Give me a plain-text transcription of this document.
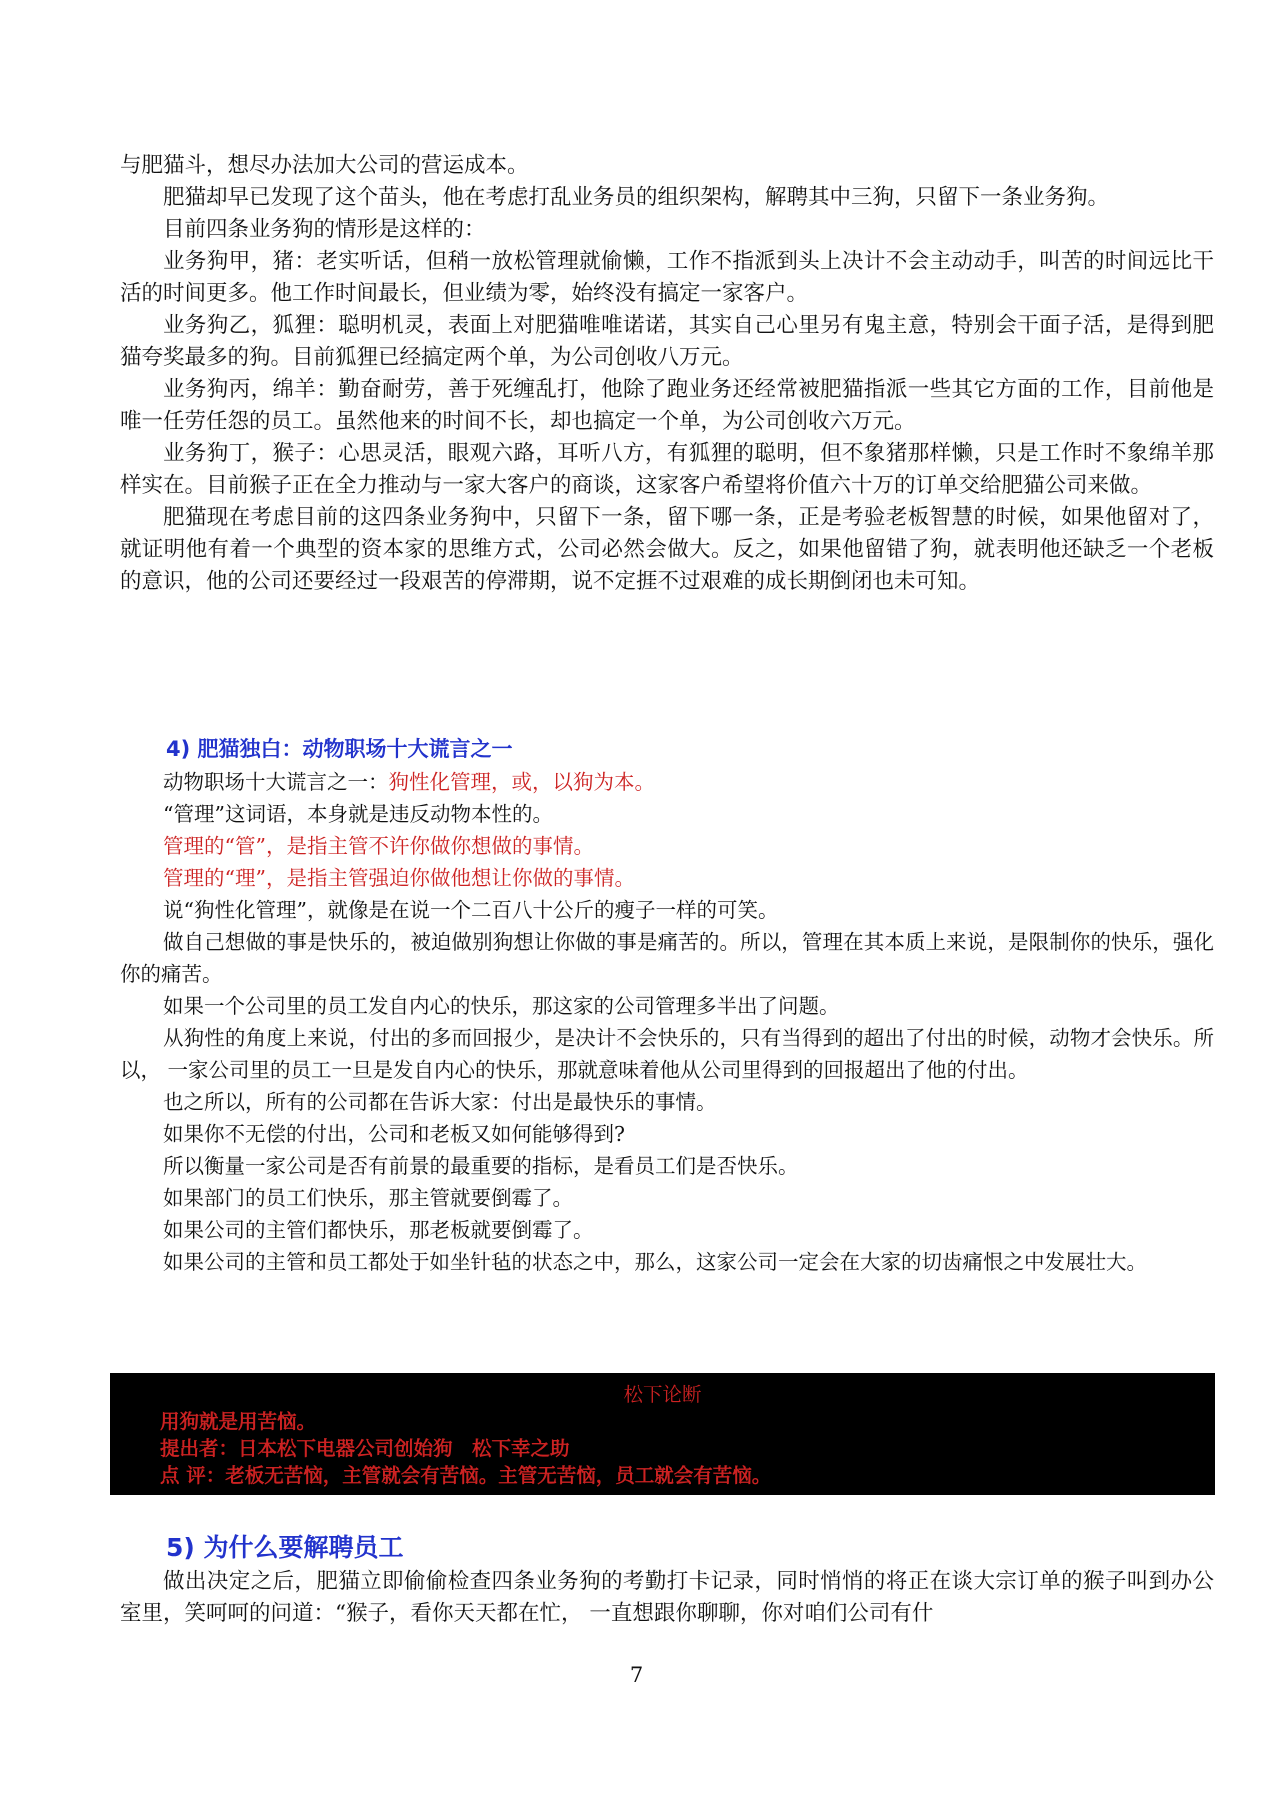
与肥猫斗，想尽办法加大公司的营运成本。

肥猫却早已发现了这个苗头，他在考虑打乱业务员的组织架构，解聘其中三狗，只留下一条业务狗。

目前四条业务狗的情形是这样的：

业务狗甲，猪：老实听话，但稍一放松管理就偷懒，工作不指派到头上决计不会主动动手，叫苦的时间远比干活的时间更多。他工作时间最长，但业绩为零，始终没有搞定一家客户。

业务狗乙，狐狸：聪明机灵，表面上对肥猫唯唯诺诺，其实自己心里另有鬼主意，特别会干面子活，是得到肥猫夸奖最多的狗。目前狐狸已经搞定两个单，为公司创收八万元。

业务狗丙，绵羊：勤奋耐劳，善于死缠乱打，他除了跑业务还经常被肥猫指派一些其它方面的工作，目前他是唯一任劳任怨的员工。虽然他来的时间不长，却也搞定一个单，为公司创收六万元。

业务狗丁，猴子：心思灵活，眼观六路，耳听八方，有狐狸的聪明，但不象猪那样懒，只是工作时不象绵羊那样实在。目前猴子正在全力推动与一家大客户的商谈，这家客户希望将价值六十万的订单交给肥猫公司来做。

肥猫现在考虑目前的这四条业务狗中，只留下一条，留下哪一条，正是考验老板智慧的时候，如果他留对了，就证明他有着一个典型的资本家的思维方式，公司必然会做大。反之，如果他留错了狗，就表明他还缺乏一个老板的意识，他的公司还要经过一段艰苦的停滞期，说不定捱不过艰难的成长期倒闭也未可知。

4) 肥猫独白：动物职场十大谎言之一

动物职场十大谎言之一：狗性化管理，或，以狗为本。

“管理”这词语，本身就是违反动物本性的。

管理的“管”，是指主管不许你做你想做的事情。

管理的“理”，是指主管强迫你做他想让你做的事情。

说“狗性化管理”，就像是在说一个二百八十公斤的瘦子一样的可笑。

做自己想做的事是快乐的，被迫做别狗想让你做的事是痛苦的。所以，管理在其本质上来说，是限制你的快乐，强化你的痛苦。

如果一个公司里的员工发自内心的快乐，那这家的公司管理多半出了问题。

从狗性的角度上来说，付出的多而回报少，是决计不会快乐的，只有当得到的超出了付出的时候，动物才会快乐。所以， 一家公司里的员工一旦是发自内心的快乐，那就意味着他从公司里得到的回报超出了他的付出。

也之所以，所有的公司都在告诉大家：付出是最快乐的事情。

如果你不无偿的付出，公司和老板又如何能够得到?

所以衡量一家公司是否有前景的最重要的指标，是看员工们是否快乐。

如果部门的员工们快乐，那主管就要倒霉了。

如果公司的主管们都快乐，那老板就要倒霉了。

如果公司的主管和员工都处于如坐针毡的状态之中，那么，这家公司一定会在大家的切齿痛恨之中发展壮大。

松下论断

用狗就是用苦恼。

提出者：日本松下电器公司创始狗　松下幸之助

点 评：老板无苦恼，主管就会有苦恼。主管无苦恼，员工就会有苦恼。

5) 为什么要解聘员工

做出决定之后，肥猫立即偷偷检查四条业务狗的考勤打卡记录，同时悄悄的将正在谈大宗订单的猴子叫到办公室里，笑呵呵的问道：“猴子，看你天天都在忙， 一直想跟你聊聊，你对咱们公司有什

7
